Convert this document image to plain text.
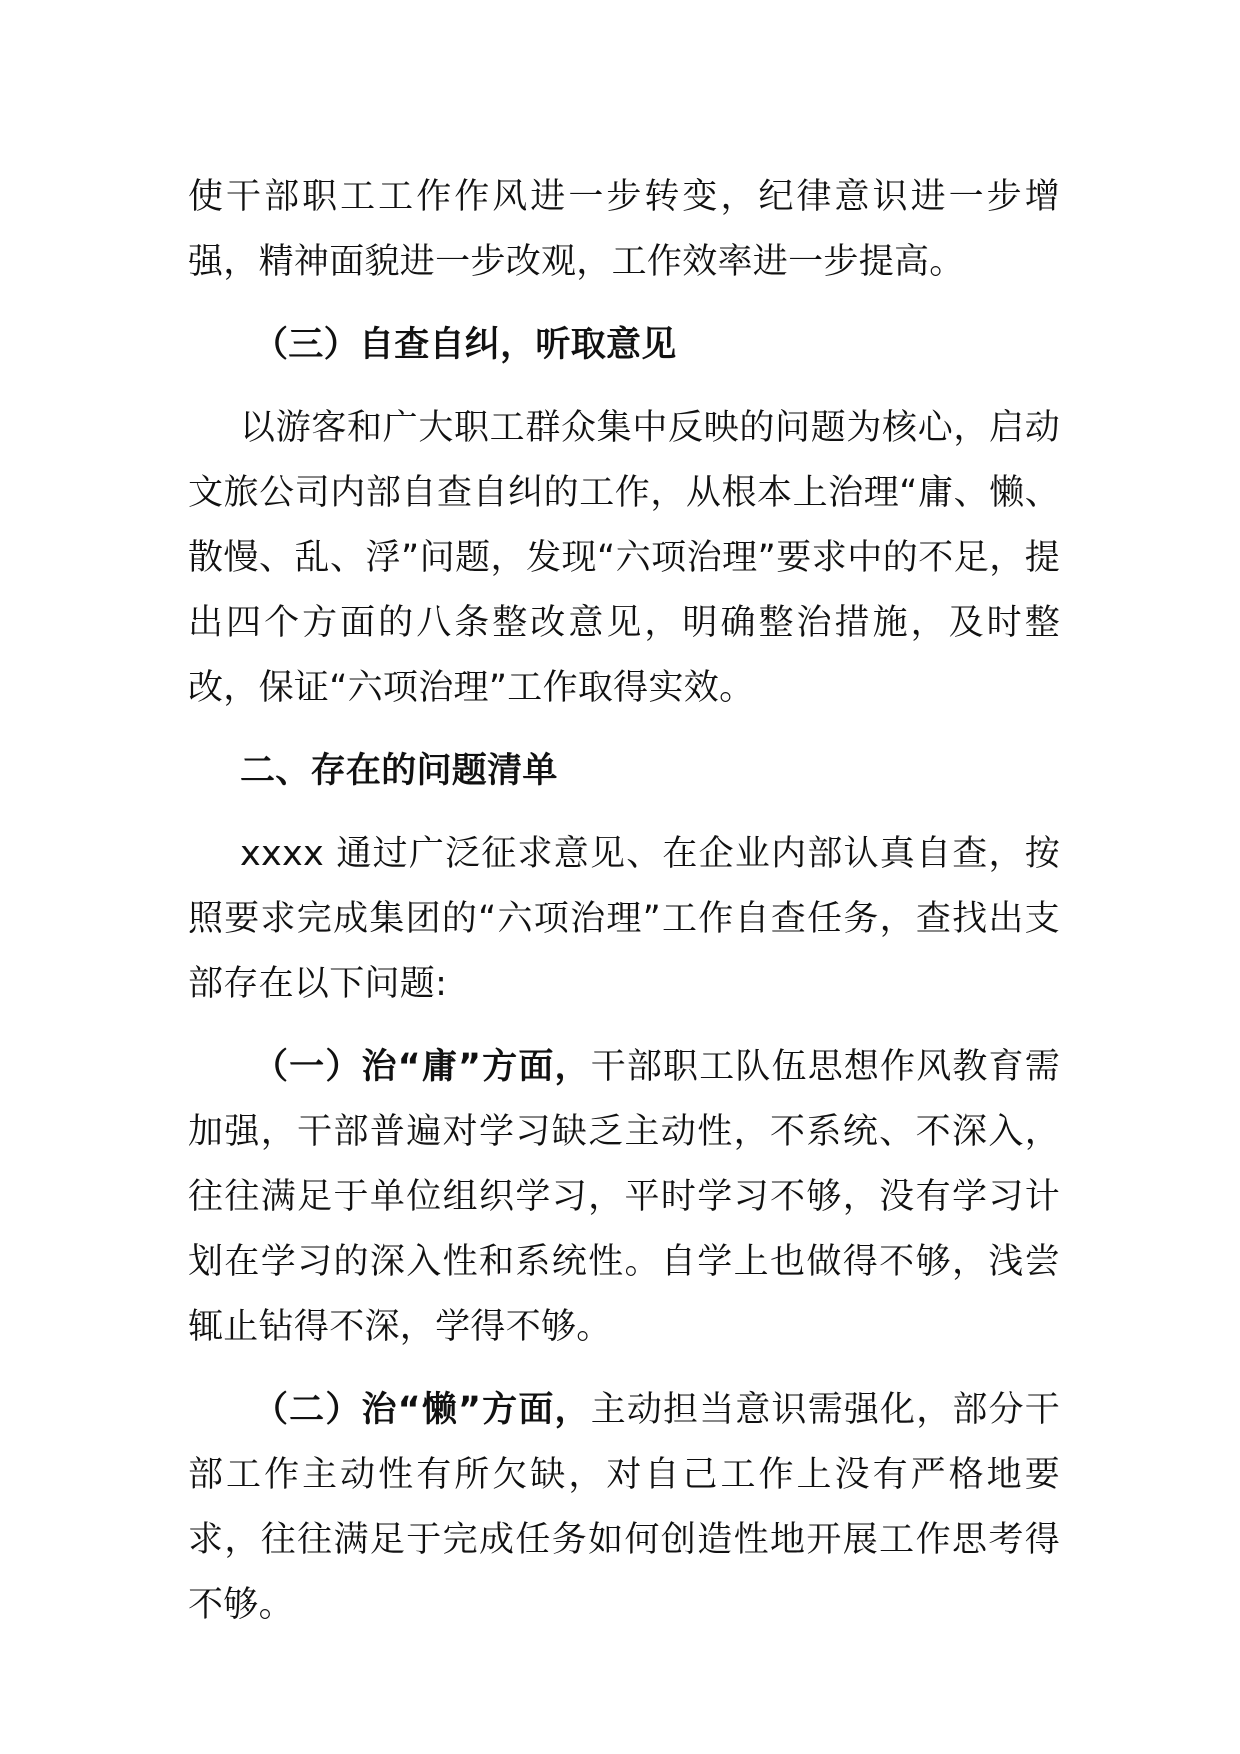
使干部职工工作作风进一步转变，纪律意识进一步增强，精神面貌进一步改观，工作效率进一步提高。

（三）自查自纠，听取意见

以游客和广大职工群众集中反映的问题为核心，启动文旅公司内部自查自纠的工作，从根本上治理“庸、懒、散慢、乱、浮”问题，发现“六项治理”要求中的不足，提出四个方面的八条整改意见，明确整治措施，及时整改，保证“六项治理”工作取得实效。

二、存在的问题清单

xxxx 通过广泛征求意见、在企业内部认真自查，按照要求完成集团的“六项治理”工作自查任务，查找出支部存在以下问题:

（一）治“庸”方面，干部职工队伍思想作风教育需加强，干部普遍对学习缺乏主动性，不系统、不深入，往往满足于单位组织学习，平时学习不够，没有学习计划在学习的深入性和系统性。自学上也做得不够，浅尝辄止钻得不深，学得不够。

（二）治“懒”方面，主动担当意识需强化，部分干部工作主动性有所欠缺，对自己工作上没有严格地要求，往往满足于完成任务如何创造性地开展工作思考得不够。
